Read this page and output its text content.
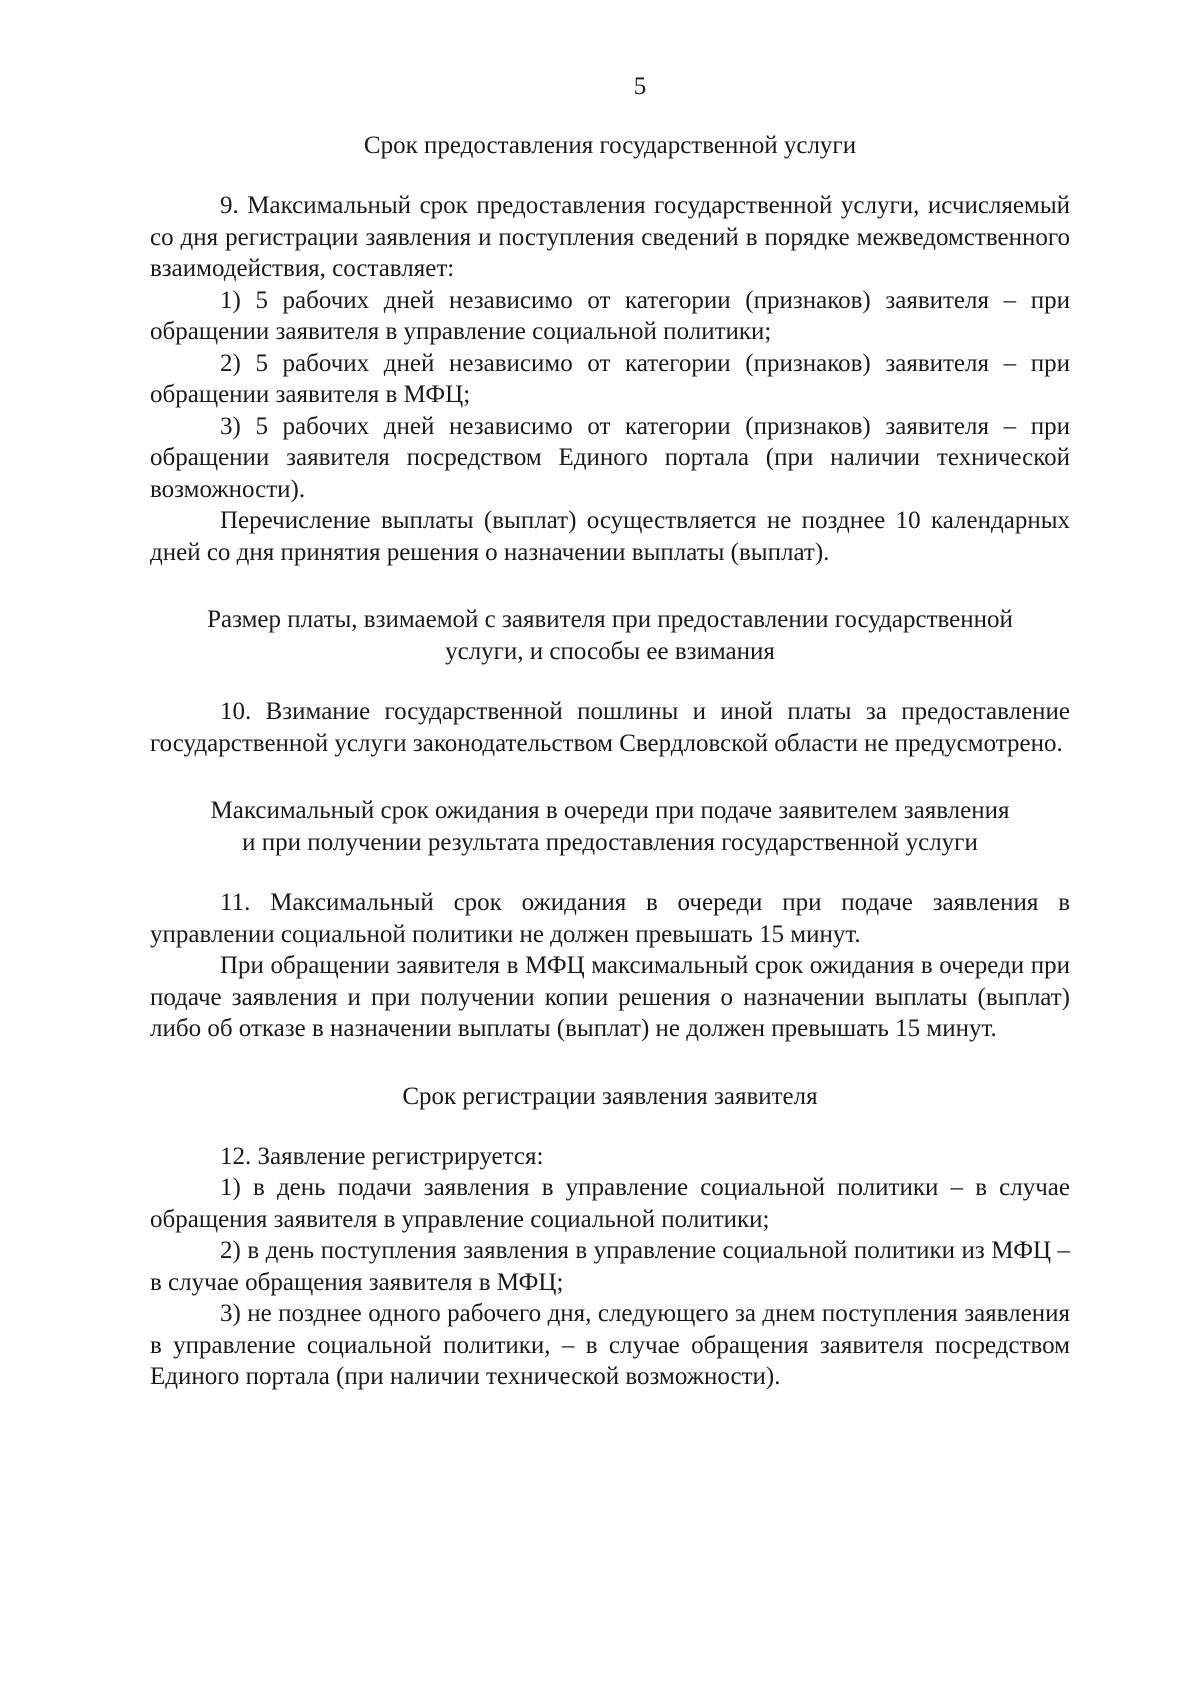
5

Срок предоставления государственной услуги

9. Максимальный срок предоставления государственной услуги, исчисляемый со дня регистрации заявления и поступления сведений в порядке межведомственного взаимодействия, составляет:

1) 5 рабочих дней независимо от категории (признаков) заявителя – при обращении заявителя в управление социальной политики;

2) 5 рабочих дней независимо от категории (признаков) заявителя – при обращении заявителя в МФЦ;

3) 5 рабочих дней независимо от категории (признаков) заявителя – при обращении заявителя посредством Единого портала (при наличии технической возможности).

Перечисление выплаты (выплат) осуществляется не позднее 10 календарных дней со дня принятия решения о назначении выплаты (выплат).

Размер платы, взимаемой с заявителя при предоставлении государственной

услуги, и способы ее взимания

10. Взимание государственной пошлины и иной платы за предоставление государственной услуги законодательством Свердловской области не предусмотрено.

Максимальный срок ожидания в очереди при подаче заявителем заявления

и при получении результата предоставления государственной услуги

11. Максимальный срок ожидания в очереди при подаче заявления в управлении социальной политики не должен превышать 15 минут.

При обращении заявителя в МФЦ максимальный срок ожидания в очереди при подаче заявления и при получении копии решения о назначении выплаты (выплат) либо об отказе в назначении выплаты (выплат) не должен превышать 15 минут.

Срок регистрации заявления заявителя

12. Заявление регистрируется:

1) в день подачи заявления в управление социальной политики – в случае обращения заявителя в управление социальной политики;

2) в день поступления заявления в управление социальной политики из МФЦ – в случае обращения заявителя в МФЦ;

3) не позднее одного рабочего дня, следующего за днем поступления заявления в управление социальной политики, – в случае обращения заявителя посредством Единого портала (при наличии технической возможности).
